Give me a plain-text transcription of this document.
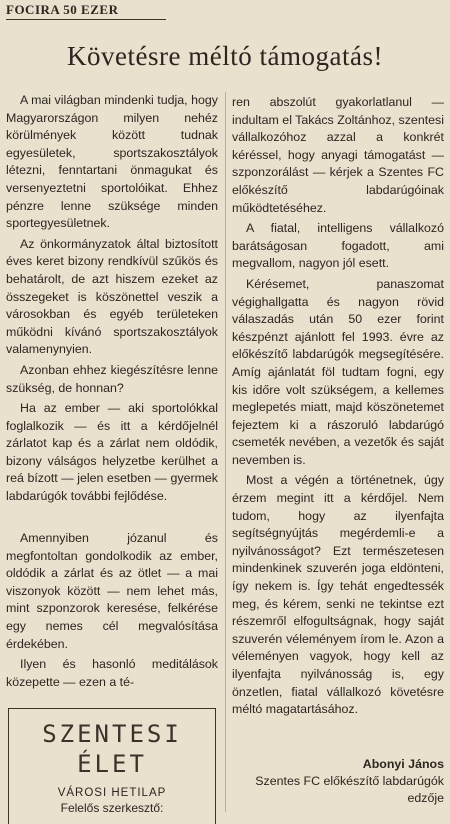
FOCIRA 50 EZER
Követésre méltó támogatás!

A mai világban mindenki tudja, hogy Magyarországon milyen nehéz körülmények között tudnak egyesületek, sportszakosztályok létezni, fenntartani önmagukat és versenyeztetni sportolóikat. Ehhez pénzre lenne szüksége minden sportegyesületnek.

Az önkormányzatok által biztosított éves keret bizony rendkívül szűkös és behatárolt, de azt hiszem ezeket az összegeket is köszönettel veszik a városokban és egyéb területeken működni kívánó sportszakosztályok valamenynyien.

Azonban ehhez kiegészítésre lenne szükség, de honnan?

Ha az ember — aki sportolókkal foglalkozik — és itt a kérdőjelnél zárlatot kap és a zárlat nem oldódik, bizony válságos helyzetbe kerülhet a reá bízott — jelen esetben — gyermek labdarúgók további fejlődése.

Amennyiben józanul és megfontoltan gondolkodik az ember, oldódik a zárlat és az ötlet — a mai viszonyok között — nem lehet más, mint szponzorok keresése, felkérése egy nemes cél megvalósítása érdekében.

Ilyen és hasonló meditálások közepette — ezen a té-

ren abszolút gyakorlatlanul — indultam el Takács Zoltánhoz, szentesi vállalkozóhoz azzal a konkrét kéréssel, hogy anyagi támogatást — szponzorálást — kérjek a Szentes FC előkészítő labdarúgóinak működtetéséhez.

A fiatal, intelligens vállalkozó barátságosan fogadott, ami megvallom, nagyon jól esett.

Kérésemet, panaszomat végighallgatta és nagyon rövid válaszadás után 50 ezer forint készpénzt ajánlott fel 1993. évre az előkészítő labdarúgók megsegítésére. Amíg ajánlatát föl tudtam fogni, egy kis időre volt szükségem, a kellemes meglepetés miatt, majd köszönetemet fejeztem ki a rászoruló labdarúgó csemeték nevében, a vezetők és saját nevemben is.

Most a végén a történetnek, úgy érzem megint itt a kérdőjel. Nem tudom, hogy az ilyenfajta segítségnyújtás megérdemli-e a nyilvánosságot? Ezt természetesen mindenkinek szuverén joga eldönteni, így nekem is. Így tehát engedtessék meg, és kérem, senki ne tekintse ezt részemről elfogultságnak, hogy saját szuverén véleményem írom le. Azon a véleményen vagyok, hogy kell az ilyenfajta nyilvánosság is, egy önzetlen, fiatal vállalkozó követésre méltó magatartásához.

Abonyi János
Szentes FC előkészítő labdarúgók edzője
SZENTESI
ÉLET
VÁROSI HETILAP
Felelős szerkesztő:
